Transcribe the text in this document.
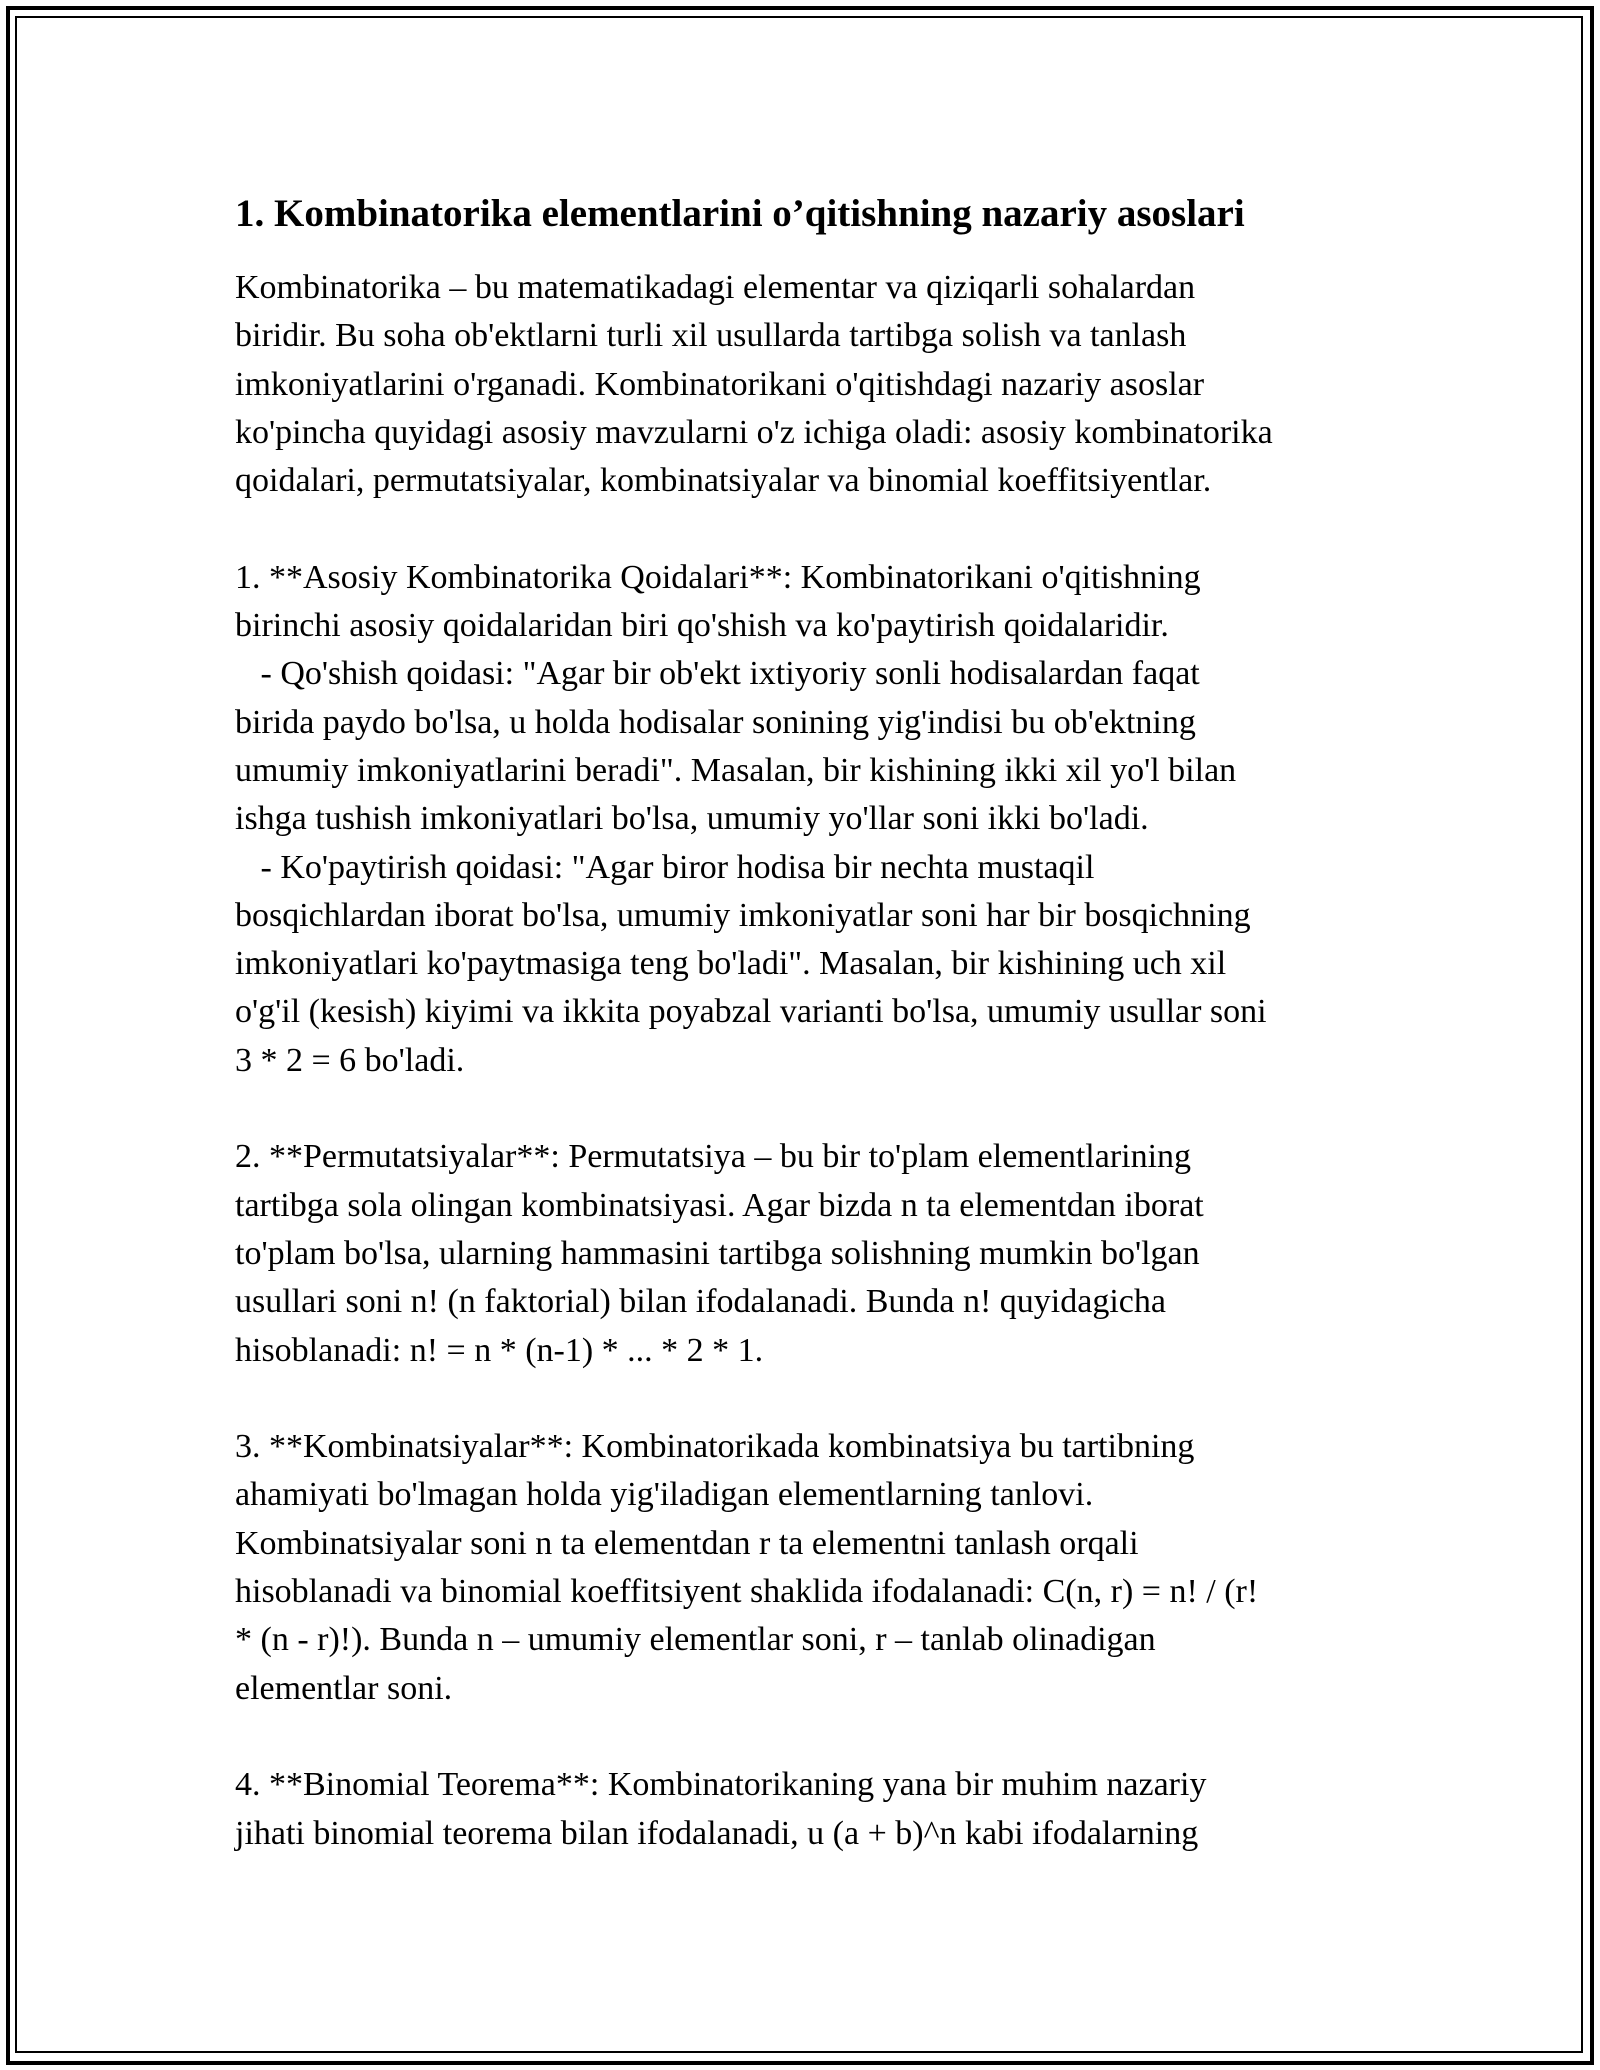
1. Kombinatorika elementlarini o’qitishning nazariy asoslari

Kombinatorika – bu matematikadagi elementar va qiziqarli sohalardan
biridir. Bu soha ob'ektlarni turli xil usullarda tartibga solish va tanlash
imkoniyatlarini o'rganadi. Kombinatorikani o'qitishdagi nazariy asoslar
ko'pincha quyidagi asosiy mavzularni o'z ichiga oladi: asosiy kombinatorika
qoidalari, permutatsiyalar, kombinatsiyalar va binomial koeffitsiyentlar.

1. **Asosiy Kombinatorika Qoidalari**: Kombinatorikani o'qitishning
birinchi asosiy qoidalaridan biri qo'shish va ko'paytirish qoidalaridir.
- Qo'shish qoidasi: "Agar bir ob'ekt ixtiyoriy sonli hodisalardan faqat
birida paydo bo'lsa, u holda hodisalar sonining yig'indisi bu ob'ektning
umumiy imkoniyatlarini beradi". Masalan, bir kishining ikki xil yo'l bilan
ishga tushish imkoniyatlari bo'lsa, umumiy yo'llar soni ikki bo'ladi.
- Ko'paytirish qoidasi: "Agar biror hodisa bir nechta mustaqil
bosqichlardan iborat bo'lsa, umumiy imkoniyatlar soni har bir bosqichning
imkoniyatlari ko'paytmasiga teng bo'ladi". Masalan, bir kishining uch xil
o'g'il (kesish) kiyimi va ikkita poyabzal varianti bo'lsa, umumiy usullar soni
3 * 2 = 6 bo'ladi.

2. **Permutatsiyalar**: Permutatsiya – bu bir to'plam elementlarining
tartibga sola olingan kombinatsiyasi. Agar bizda n ta elementdan iborat
to'plam bo'lsa, ularning hammasini tartibga solishning mumkin bo'lgan
usullari soni n! (n faktorial) bilan ifodalanadi. Bunda n! quyidagicha
hisoblanadi: n! = n * (n-1) * ... * 2 * 1.

3. **Kombinatsiyalar**: Kombinatorikada kombinatsiya bu tartibning
ahamiyati bo'lmagan holda yig'iladigan elementlarning tanlovi.
Kombinatsiyalar soni n ta elementdan r ta elementni tanlash orqali
hisoblanadi va binomial koeffitsiyent shaklida ifodalanadi: C(n, r) = n! / (r!
* (n - r)!). Bunda n – umumiy elementlar soni, r – tanlab olinadigan
elementlar soni.

4. **Binomial Teorema**: Kombinatorikaning yana bir muhim nazariy
jihati binomial teorema bilan ifodalanadi, u (a + b)^n kabi ifodalarning
